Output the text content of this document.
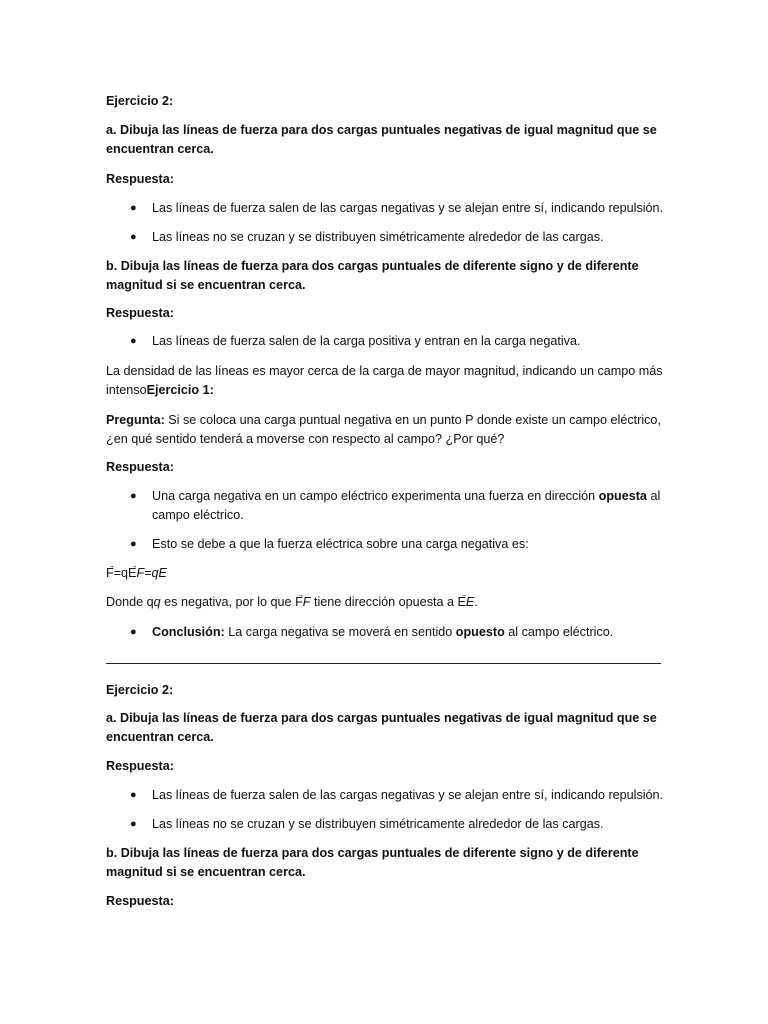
Ejercicio 2:
a. Dibuja las líneas de fuerza para dos cargas puntuales negativas de igual magnitud que se encuentran cerca.
Respuesta:
● Las líneas de fuerza salen de las cargas negativas y se alejan entre sí, indicando repulsión.
● Las líneas no se cruzan y se distribuyen simétricamente alrededor de las cargas.
b. Dibuja las líneas de fuerza para dos cargas puntuales de diferente signo y de diferente magnitud si se encuentran cerca.
Respuesta:
● Las líneas de fuerza salen de la carga positiva y entran en la carga negativa.
La densidad de las líneas es mayor cerca de la carga de mayor magnitud, indicando un campo más intensoEjercicio 1:
Pregunta: Si se coloca una carga puntual negativa en un punto P donde existe un campo eléctrico, ¿en qué sentido tenderá a moverse con respecto al campo? ¿Por qué?
Respuesta:
● Una carga negativa en un campo eléctrico experimenta una fuerza en dirección opuesta al campo eléctrico.
● Esto se debe a que la fuerza eléctrica sobre una carga negativa es:
F=qEF=qE
Donde qq es negativa, por lo que FF tiene dirección opuesta a EE.
● Conclusión: La carga negativa se moverá en sentido opuesto al campo eléctrico.
Ejercicio 2:
a. Dibuja las líneas de fuerza para dos cargas puntuales negativas de igual magnitud que se encuentran cerca.
Respuesta:
● Las líneas de fuerza salen de las cargas negativas y se alejan entre sí, indicando repulsión.
● Las líneas no se cruzan y se distribuyen simétricamente alrededor de las cargas.
b. Dibuja las líneas de fuerza para dos cargas puntuales de diferente signo y de diferente magnitud si se encuentran cerca.
Respuesta:
